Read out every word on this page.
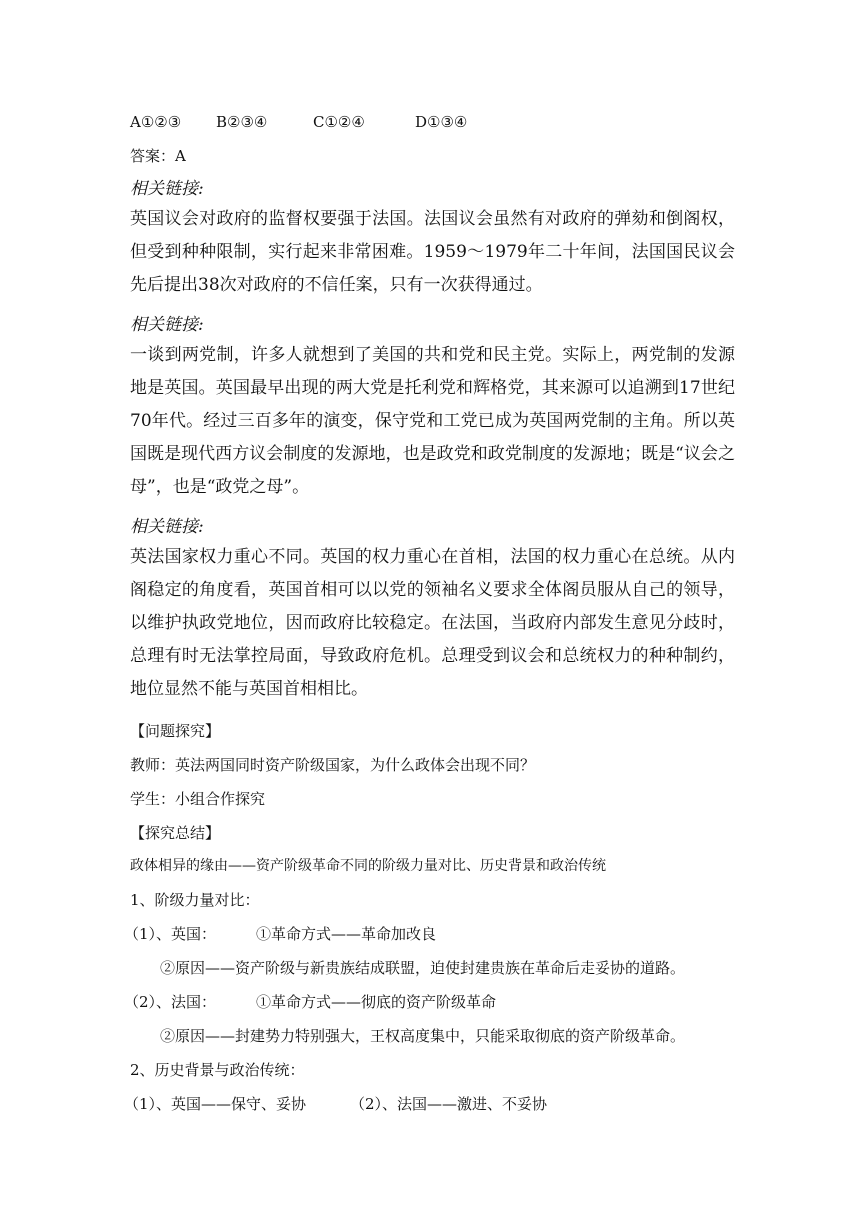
A①②③ B②③④	C①②④	D①③④
答案：A
相关链接:
英国议会对政府的监督权要强于法国。法国议会虽然有对政府的弹劾和倒阁权，但受到种种限制，实行起来非常困难。1959～1979年二十年间，法国国民议会先后提出38次对政府的不信任案，只有一次获得通过。
相关链接:
一谈到两党制，许多人就想到了美国的共和党和民主党。实际上，两党制的发源地是英国。英国最早出现的两大党是托利党和辉格党，其来源可以追溯到17世纪70年代。经过三百多年的演变，保守党和工党已成为英国两党制的主角。所以英国既是现代西方议会制度的发源地，也是政党和政党制度的发源地；既是“议会之母”，也是“政党之母”。
相关链接:
英法国家权力重心不同。英国的权力重心在首相，法国的权力重心在总统。从内阁稳定的角度看，英国首相可以以党的领袖名义要求全体阁员服从自己的领导，以维护执政党地位，因而政府比较稳定。在法国，当政府内部发生意见分歧时，总理有时无法掌控局面，导致政府危机。总理受到议会和总统权力的种种制约，地位显然不能与英国首相相比。
【问题探究】
教师：英法两国同时资产阶级国家，为什么政体会出现不同？
学生：小组合作探究
【探究总结】
政体相异的缘由——资产阶级革命不同的阶级力量对比、历史背景和政治传统
1、阶级力量对比：
（1）、英国：	①革命方式——革命加改良
②原因——资产阶级与新贵族结成联盟，迫使封建贵族在革命后走妥协的道路。
（2）、法国：	①革命方式——彻底的资产阶级革命
②原因——封建势力特别强大，王权高度集中，只能采取彻底的资产阶级革命。
2、历史背景与政治传统：
（1）、英国——保守、妥协	（2）、法国——激进、不妥协
